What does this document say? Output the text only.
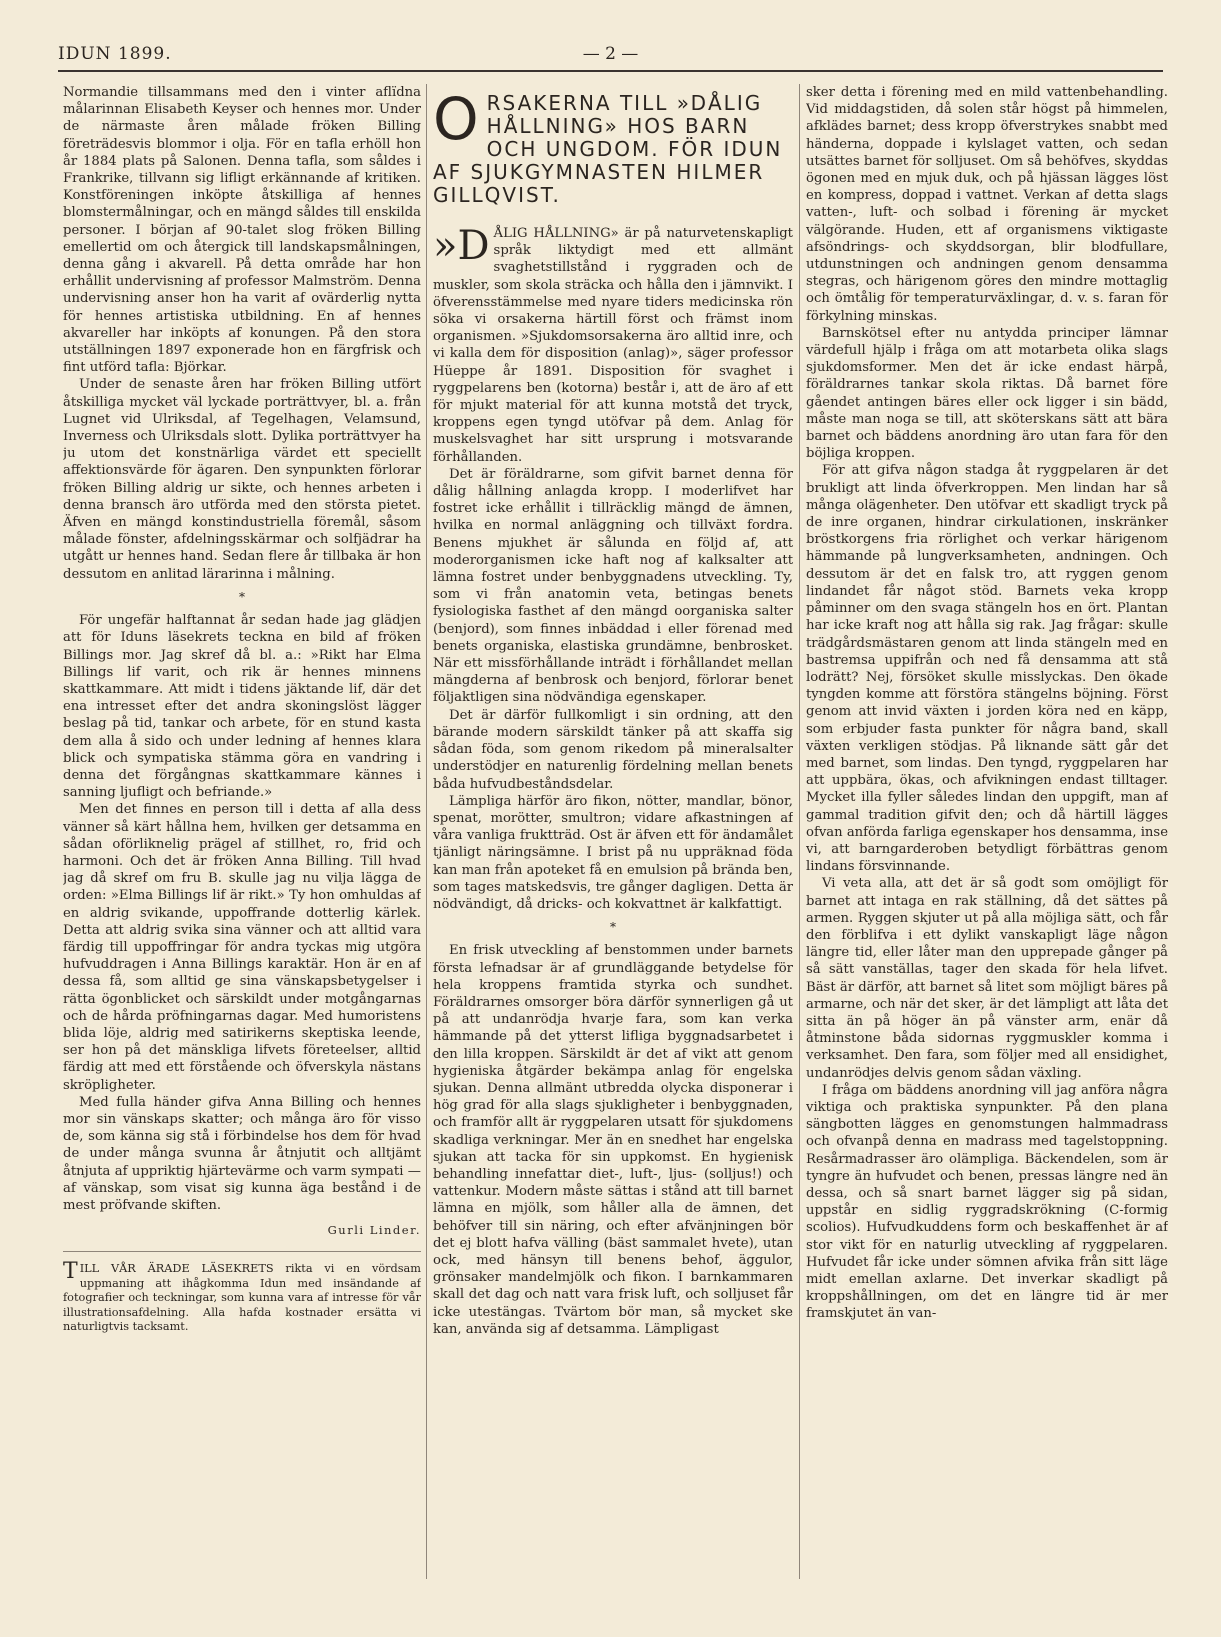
IDUN 1899.	— 2 —

Normandie tillsammans med den i vinter aflïdna målarinnan Elisabeth Keyser och hennes mor. Under de närmaste åren målade fröken Billing företrädesvis blommor i olja. För en tafla erhöll hon år 1884 plats på Salonen. Denna tafla, som såldes i Frankrike, tillvann sig lifligt erkännande af kritiken. Konstföreningen inköpte åtskilliga af hennes blomstermålningar, och en mängd såldes till enskilda personer. I början af 90-talet slog fröken Billing emellertid om och återgick till landskapsmålningen, denna gång i akvarell. På detta område har hon erhållit undervisning af professor Malmström. Denna undervisning anser hon ha varit af ovärderlig nytta för hennes artistiska utbildning. En af hennes akvareller har inköpts af konungen. På den stora utställningen 1897 exponerade hon en färgfrisk och fint utförd tafla: Björkar.

Under de senaste åren har fröken Billing utfört åtskilliga mycket väl lyckade porträttvyer, bl. a. från Lugnet vid Ulriksdal, af Tegelhagen, Velamsund, Inverness och Ulriksdals slott. Dylika porträttvyer ha ju utom det konstnärliga värdet ett speciellt affektionsvärde för ägaren. Den synpunkten förlorar fröken Billing aldrig ur sikte, och hennes arbeten i denna bransch äro utförda med den största pietet. Äfven en mängd konstindustriella föremål, såsom målade fönster, afdelningsskärmar och solfjädrar ha utgått ur hennes hand. Sedan flere år tillbaka är hon dessutom en anlitad lärarinna i målning.

*

För ungefär halftannat år sedan hade jag glädjen att för Iduns läsekrets teckna en bild af fröken Billings mor. Jag skref då bl. a.: »Rikt har Elma Billings lif varit, och rik är hennes minnens skattkammare. Att midt i tidens jäktande lif, där det ena intresset efter det andra skoningslöst lägger beslag på tid, tankar och arbete, för en stund kasta dem alla å sido och under ledning af hennes klara blick och sympatiska stämma göra en vandring i denna det förgångnas skattkammare kännes i sanning ljufligt och befriande.»

Men det finnes en person till i detta af alla dess vänner så kärt hållna hem, hvilken ger detsamma en sådan oförliknelig prägel af stillhet, ro, frid och harmoni. Och det är fröken Anna Billing. Till hvad jag då skref om fru B. skulle jag nu vilja lägga de orden: »Elma Billings lif är rikt.» Ty hon omhuldas af en aldrig svikande, uppoffrande dotterlig kärlek. Detta att aldrig svika sina vänner och att alltid vara färdig till uppoffringar för andra tyckas mig utgöra hufvuddragen i Anna Billings karaktär. Hon är en af dessa få, som alltid ge sina vänskapsbetygelser i rätta ögonblicket och särskildt under motgångarnas och de hårda pröfningarnas dagar. Med humoristens blida löje, aldrig med satirikerns skeptiska leende, ser hon på det mänskliga lifvets företeelser, alltid färdig att med ett förstående och öfverskyla nästans skröpligheter.

Med fulla händer gifva Anna Billing och hennes mor sin vänskaps skatter; och många äro för visso de, som känna sig stå i förbindelse hos dem för hvad de under många svunna år åtnjutit och alltjämt åtnjuta af uppriktig hjärtevärme och varm sympati — af vänskap, som visat sig kunna äga bestånd i de mest pröfvande skiften.

Gurli Linder.
TILL VÅR ÄRADE LÄSEKRETS rikta vi en vördsam uppmaning att ihågkomma Idun med insändande af fotografier och teckningar, som kunna vara af intresse för vår illustrationsafdelning. Alla hafda kostnader ersätta vi naturligtvis tacksamt.
ORSAKERNA TILL »DÅLIG HÅLLNING» HOS BARN OCH UNGDOM. FÖR IDUN AF SJUKGYMNASTEN HILMER GILLQVIST.

»D ÅLIG HÅLLNING» är på naturvetenskapligt språk liktydigt med ett allmänt svaghetstillstånd i ryggraden och de muskler, som skola sträcka och hålla den i jämnvikt. I öfverensstämmelse med nyare tiders medicinska rön söka vi orsakerna härtill först och främst inom organismen. »Sjukdomsorsakerna äro alltid inre, och vi kalla dem för disposition (anlag)», säger professor Hüeppe år 1891. Disposition för svaghet i ryggpelarens ben (kotorna) består i, att de äro af ett för mjukt material för att kunna motstå det tryck, kroppens egen tyngd utöfvar på dem. Anlag för muskelsvaghet har sitt ursprung i motsvarande förhållanden.

Det är föräldrarne, som gifvit barnet denna för dålig hållning anlagda kropp. I moderlifvet har fostret icke erhållit i tillräcklig mängd de ämnen, hvilka en normal anläggning och tillväxt fordra. Benens mjukhet är sålunda en följd af, att moderorganismen icke haft nog af kalksalter att lämna fostret under benbyggnadens utveckling. Ty, som vi från anatomin veta, betingas benets fysiologiska fasthet af den mängd oorganiska salter (benjord), som finnes inbäddad i eller förenad med benets organiska, elastiska grundämne, benbrosket. När ett missförhållande inträdt i förhållandet mellan mängderna af benbrosk och benjord, förlorar benet följaktligen sina nödvändiga egenskaper.

Det är därför fullkomligt i sin ordning, att den bärande modern särskildt tänker på att skaffa sig sådan föda, som genom rikedom på mineralsalter understödjer en naturenlig fördelning mellan benets båda hufvudbeståndsdelar.

Lämpliga härför äro fikon, nötter, mandlar, bönor, spenat, morötter, smultron; vidare afkastningen af våra vanliga fruktträd. Ost är äfven ett för ändamålet tjänligt näringsämne. I brist på nu uppräknad föda kan man från apoteket få en emulsion på brända ben, som tages matskedsvis, tre gånger dagligen. Detta är nödvändigt, då dricks- och kokvattnet är kalkfattigt.

*

En frisk utveckling af benstommen under barnets första lefnadsar är af grundläggande betydelse för hela kroppens framtida styrka och sundhet. Föräldrarnes omsorger böra därför synnerligen gå ut på att undanrödja hvarje fara, som kan verka hämmande på det ytterst lifliga byggnadsarbetet i den lilla kroppen. Särskildt är det af vikt att genom hygieniska åtgärder bekämpa anlag för engelska sjukan. Denna allmänt utbredda olycka disponerar i hög grad för alla slags sjukligheter i benbyggnaden, och framför allt är ryggpelaren utsatt för sjukdomens skadliga verkningar. Mer än en snedhet har engelska sjukan att tacka för sin uppkomst. En hygienisk behandling innefattar diet-, luft-, ljus- (solljus!) och vattenkur. Modern måste sättas i stånd att till barnet lämna en mjölk, som håller alla de ämnen, det behöfver till sin näring, och efter afvänjningen bör det ej blott hafva välling (bäst sammalet hvete), utan ock, med hänsyn till benens behof, äggulor, grönsaker mandelmjölk och fikon. I barnkammaren skall det dag och natt vara frisk luft, och solljuset får icke utestängas. Tvärtom bör man, så mycket ske kan, använda sig af detsamma. Lämpligast

sker detta i förening med en mild vattenbehandling. Vid middagstiden, då solen står högst på himmelen, afklädes barnet; dess kropp öfverstrykes snabbt med händerna, doppade i kylslaget vatten, och sedan utsättes barnet för solljuset. Om så behöfves, skyddas ögonen med en mjuk duk, och på hjässan lägges löst en kompress, doppad i vattnet. Verkan af detta slags vatten-, luft- och solbad i förening är mycket välgörande. Huden, ett af organismens viktigaste afsöndrings- och skyddsorgan, blir blodfullare, utdunstningen och andningen genom densamma stegras, och härigenom göres den mindre mottaglig och ömtålig för temperaturväxlingar, d. v. s. faran för förkylning minskas.

Barnskötsel efter nu antydda principer lämnar värdefull hjälp i fråga om att motarbeta olika slags sjukdomsformer. Men det är icke endast härpå, föräldrarnes tankar skola riktas. Då barnet före gåendet antingen bäres eller ock ligger i sin bädd, måste man noga se till, att sköterskans sätt att bära barnet och bäddens anordning äro utan fara för den böjliga kroppen.

För att gifva någon stadga åt ryggpelaren är det brukligt att linda öfverkroppen. Men lindan har så många olägenheter. Den utöfvar ett skadligt tryck på de inre organen, hindrar cirkulationen, inskränker bröstkorgens fria rörlighet och verkar härigenom hämmande på lungverksamheten, andningen. Och dessutom är det en falsk tro, att ryggen genom lindandet får något stöd. Barnets veka kropp påminner om den svaga stängeln hos en ört. Plantan har icke kraft nog att hålla sig rak. Jag frågar: skulle trädgårdsmästaren genom att linda stängeln med en bastremsa uppifrån och ned få densamma att stå lodrätt? Nej, försöket skulle misslyckas. Den ökade tyngden komme att förstöra stängelns böjning. Först genom att invid växten i jorden köra ned en käpp, som erbjuder fasta punkter för några band, skall växten verkligen stödjas. På liknande sätt går det med barnet, som lindas. Den tyngd, ryggpelaren har att uppbära, ökas, och afvikningen endast tilltager. Mycket illa fyller således lindan den uppgift, man af gammal tradition gifvit den; och då härtill lägges ofvan anförda farliga egenskaper hos densamma, inse vi, att barngarderoben betydligt förbättras genom lindans försvinnande.

Vi veta alla, att det är så godt som omöjligt för barnet att intaga en rak ställning, då det sättes på armen. Ryggen skjuter ut på alla möjliga sätt, och får den förblifva i ett dylikt vanskapligt läge någon längre tid, eller låter man den upprepade gånger på så sätt vanställas, tager den skada för hela lifvet. Bäst är därför, att barnet så litet som möjligt bäres på armarne, och när det sker, är det lämpligt att låta det sitta än på höger än på vänster arm, enär då åtminstone båda sidornas ryggmuskler komma i verksamhet. Den fara, som följer med all ensidighet, undanrödjes delvis genom sådan växling.

I fråga om bäddens anordning vill jag anföra några viktiga och praktiska synpunkter. På den plana sängbotten lägges en genomstungen halmmadrass och ofvanpå denna en madrass med tagelstoppning. Resårmadrasser äro olämpliga. Bäckendelen, som är tyngre än hufvudet och benen, pressas längre ned än dessa, och så snart barnet lägger sig på sidan, uppstår en sidlig ryggradskrökning (C-formig scolios). Hufvudkuddens form och beskaffenhet är af stor vikt för en naturlig utveckling af ryggpelaren. Hufvudet får icke under sömnen afvika från sitt läge midt emellan axlarne. Det inverkar skadligt på kroppshållningen, om det en längre tid är mer framskjutet än van-
